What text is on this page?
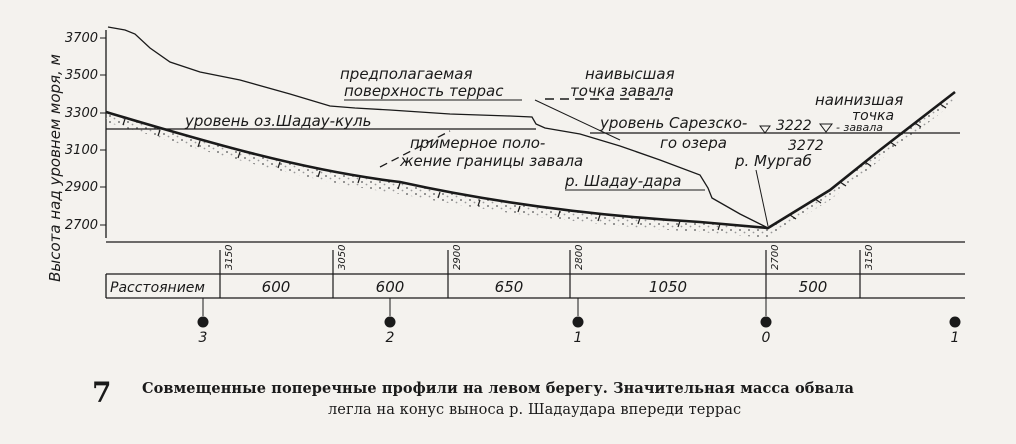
Высота над уровнем моря, м
3700
3500
3300
3100
2900
2700
предполагаемая
поверхность террас
наивысшая
точка завала
уровень оз.Шадау-куль
примерное поло-
жение границы завала
р. Шадау-дара
уровень Сарезско-
го озера
3222
наинизшая
точка
- завала
3272
р. Мургаб
3150	3050	2900	2800	2700	3150
Расстоянием	600	600	650	1050	500
3	2	1	0	1
7 Совмещенные поперечные профили на левом берегу. Значительная масса обвала
легла на конус выноса р. Шадаудара впереди террас
